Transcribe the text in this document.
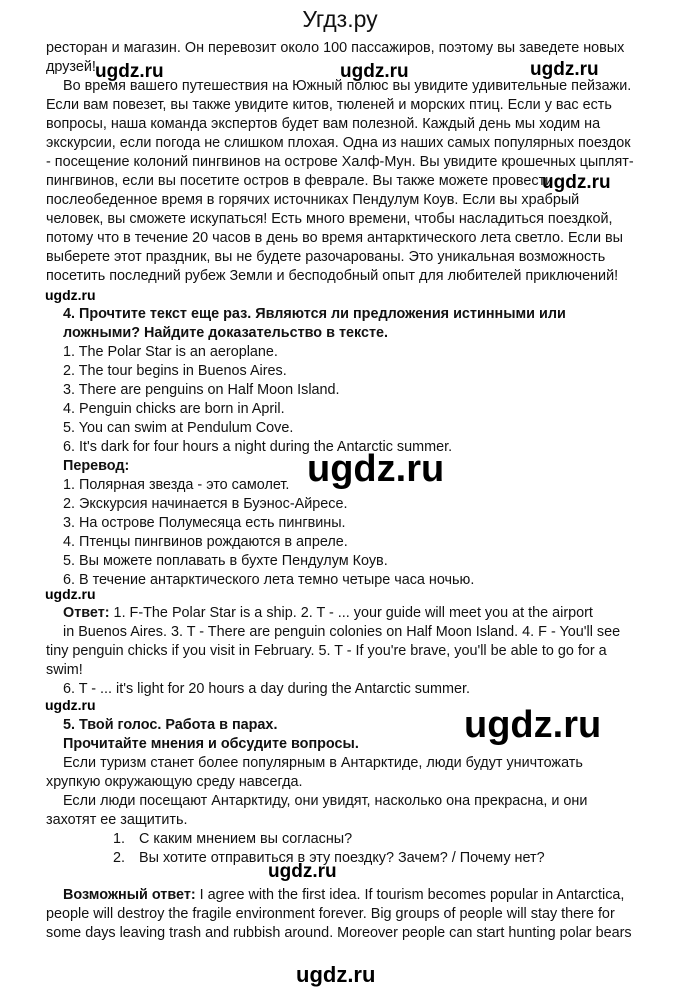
Угдз.ру
ресторан и магазин. Он перевозит около 100 пассажиров, поэтому вы заведете новых
друзей!
Во время вашего путешествия на Южный полюс вы увидите удивительные пейзажи.
Если вам повезет, вы также увидите китов, тюленей и морских птиц. Если у вас есть
вопросы, наша команда экспертов будет вам полезной. Каждый день мы ходим на
экскурсии, если погода не слишком плохая. Одна из наших самых популярных поездок
- посещение колоний пингвинов на острове Халф-Мун. Вы увидите крошечных цыплят-
пингвинов, если вы посетите остров в феврале. Вы также можете провести
послеобеденное время в горячих источниках Пендулум Коув. Если вы храбрый
человек, вы сможете искупаться! Есть много времени, чтобы насладиться поездкой,
потому что в течение 20 часов в день во время антарктического лета светло. Если вы
выберете этот праздник, вы не будете разочарованы. Это уникальная возможность
посетить последний рубеж Земли и бесподобный опыт для любителей приключений!
4. Прочтите текст еще раз. Являются ли предложения истинными или
ложными? Найдите доказательство в тексте.
1. The Polar Star is an aeroplane.
2. The tour begins in Buenos Aires.
3. There are penguins on Half Moon Island.
4. Penguin chicks are born in April.
5. You can swim at Pendulum Cove.
6. It's dark for four hours a night during the Antarctic summer.
Перевод:
1. Полярная звезда - это самолет.
2. Экскурсия начинается в Буэнос-Айресе.
3. На острове Полумесяца есть пингвины.
4. Птенцы пингвинов рождаются в апреле.
5. Вы можете поплавать в бухте Пендулум Коув.
6. В течение антарктического лета темно четыре часа ночью.
Ответ: 1. F-The Polar Star is a ship. 2. T - ... your guide will meet you at the airport
in Buenos Aires. 3. T - There are penguin colonies on Half Moon Island. 4. F - You'll see
tiny penguin chicks if you visit in February. 5. T - If you're brave, you'll be able to go for a
swim!
6. T - ... it's light for 20 hours a day during the Antarctic summer.
5. Твой голос. Работа в парах.
Прочитайте мнения и обсудите вопросы.
Если туризм станет более популярным в Антарктиде, люди будут уничтожать
хрупкую окружающую среду навсегда.
Если люди посещают Антарктиду, они увидят, насколько она прекрасна, и они
захотят ее защитить.
1. С каким мнением вы согласны?
2. Вы хотите отправиться в эту поездку? Зачем? / Почему нет?
Возможный ответ: I agree with the first idea. If tourism becomes popular in Antarctica,
people will destroy the fragile environment forever. Big groups of people will stay there for
some days leaving trash and rubbish around. Moreover people can start hunting polar bears
ugdz.ru	ugdz.ru	ugdz.ru
ugdz.ru
ugdz.ru
ugdz.ru
ugdz.ru
ugdz.ru	ugdz.ru
ugdz.ru
ugdz.ru
